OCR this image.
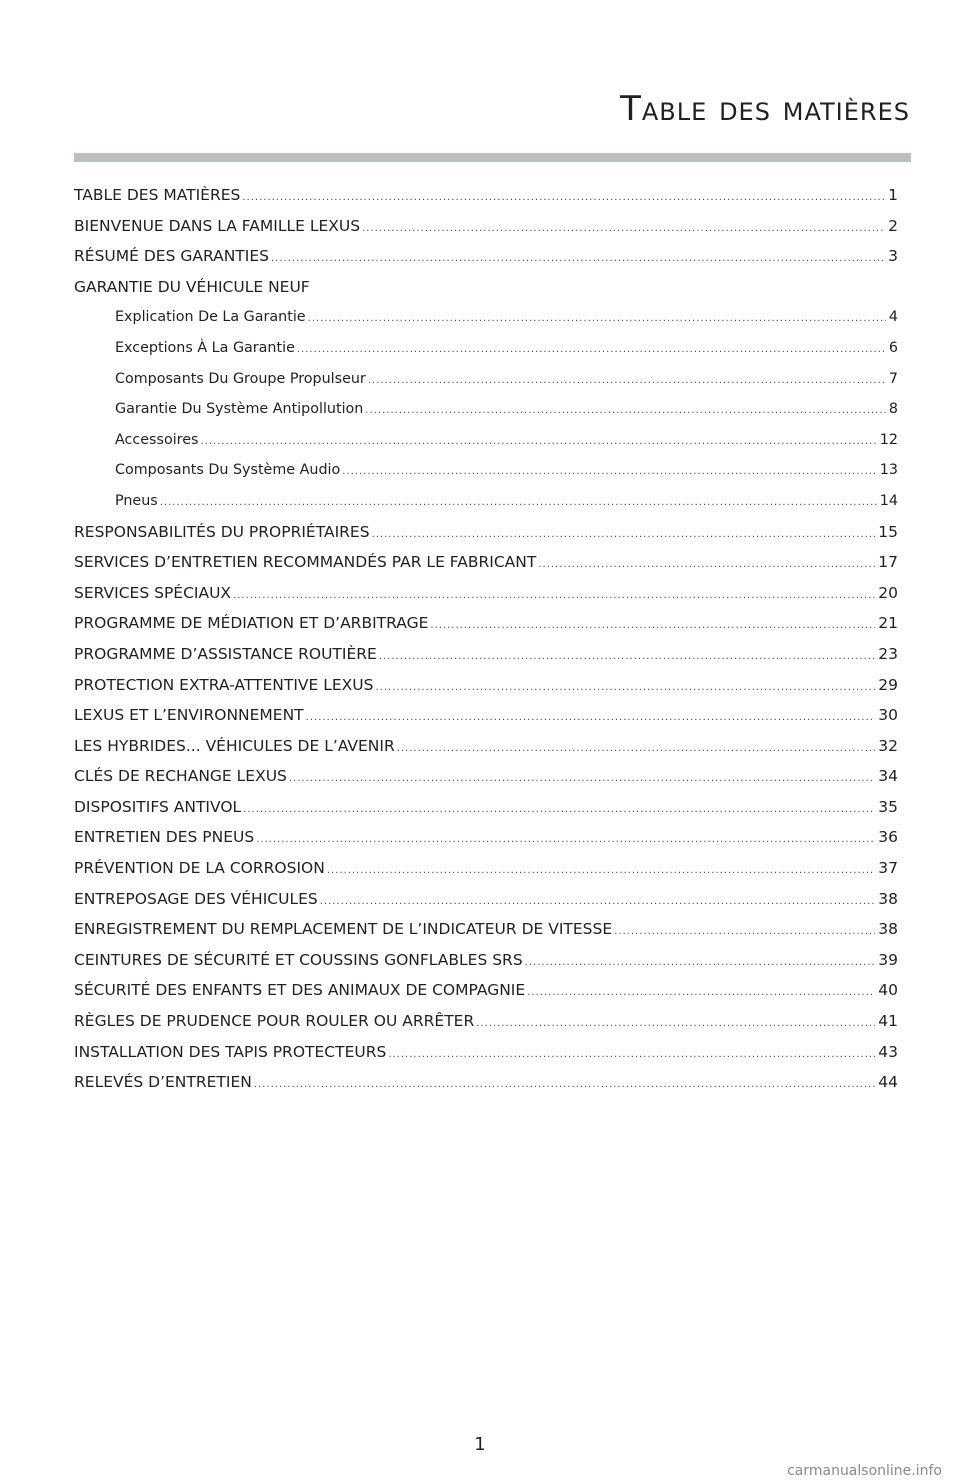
Table des matières
TABLE DES MATIÈRES .....	1
BIENVENUE DANS LA FAMILLE LEXUS .....	2
RÉSUMÉ DES GARANTIES .....	3
GARANTIE DU VÉHICULE NEUF
Explication De La Garantie .....	4
Exceptions À La Garantie .....	6
Composants Du Groupe Propulseur .....	7
Garantie Du Système Antipollution .....	8
Accessoires .....	12
Composants Du Système Audio .....	13
Pneus .....	14
RESPONSABILITÉS DU PROPRIÉTAIRES .....	15
SERVICES D’ENTRETIEN RECOMMANDÉS PAR LE FABRICANT .....	17
SERVICES SPÉCIAUX .....	20
PROGRAMME DE MÉDIATION ET D’ARBITRAGE .....	21
PROGRAMME D’ASSISTANCE ROUTIÈRE .....	23
PROTECTION EXTRA-ATTENTIVE LEXUS .....	29
LEXUS ET L’ENVIRONNEMENT .....	30
LES HYBRIDES... VÉHICULES DE L’AVENIR .....	32
CLÉS DE RECHANGE LEXUS .....	34
DISPOSITIFS ANTIVOL .....	35
ENTRETIEN DES PNEUS .....	36
PRÉVENTION DE LA CORROSION .....	37
ENTREPOSAGE DES VÉHICULES .....	38
ENREGISTREMENT DU REMPLACEMENT DE L’INDICATEUR DE VITESSE .....	38
CEINTURES DE SÉCURITÉ ET COUSSINS GONFLABLES SRS .....	39
SÉCURITÉ DES ENFANTS ET DES ANIMAUX DE COMPAGNIE .....	40
RÈGLES DE PRUDENCE POUR ROULER OU ARRÊTER .....	41
INSTALLATION DES TAPIS PROTECTEURS .....	43
RELEVÉS D’ENTRETIEN .....	44
1
carmanualsonline.info
